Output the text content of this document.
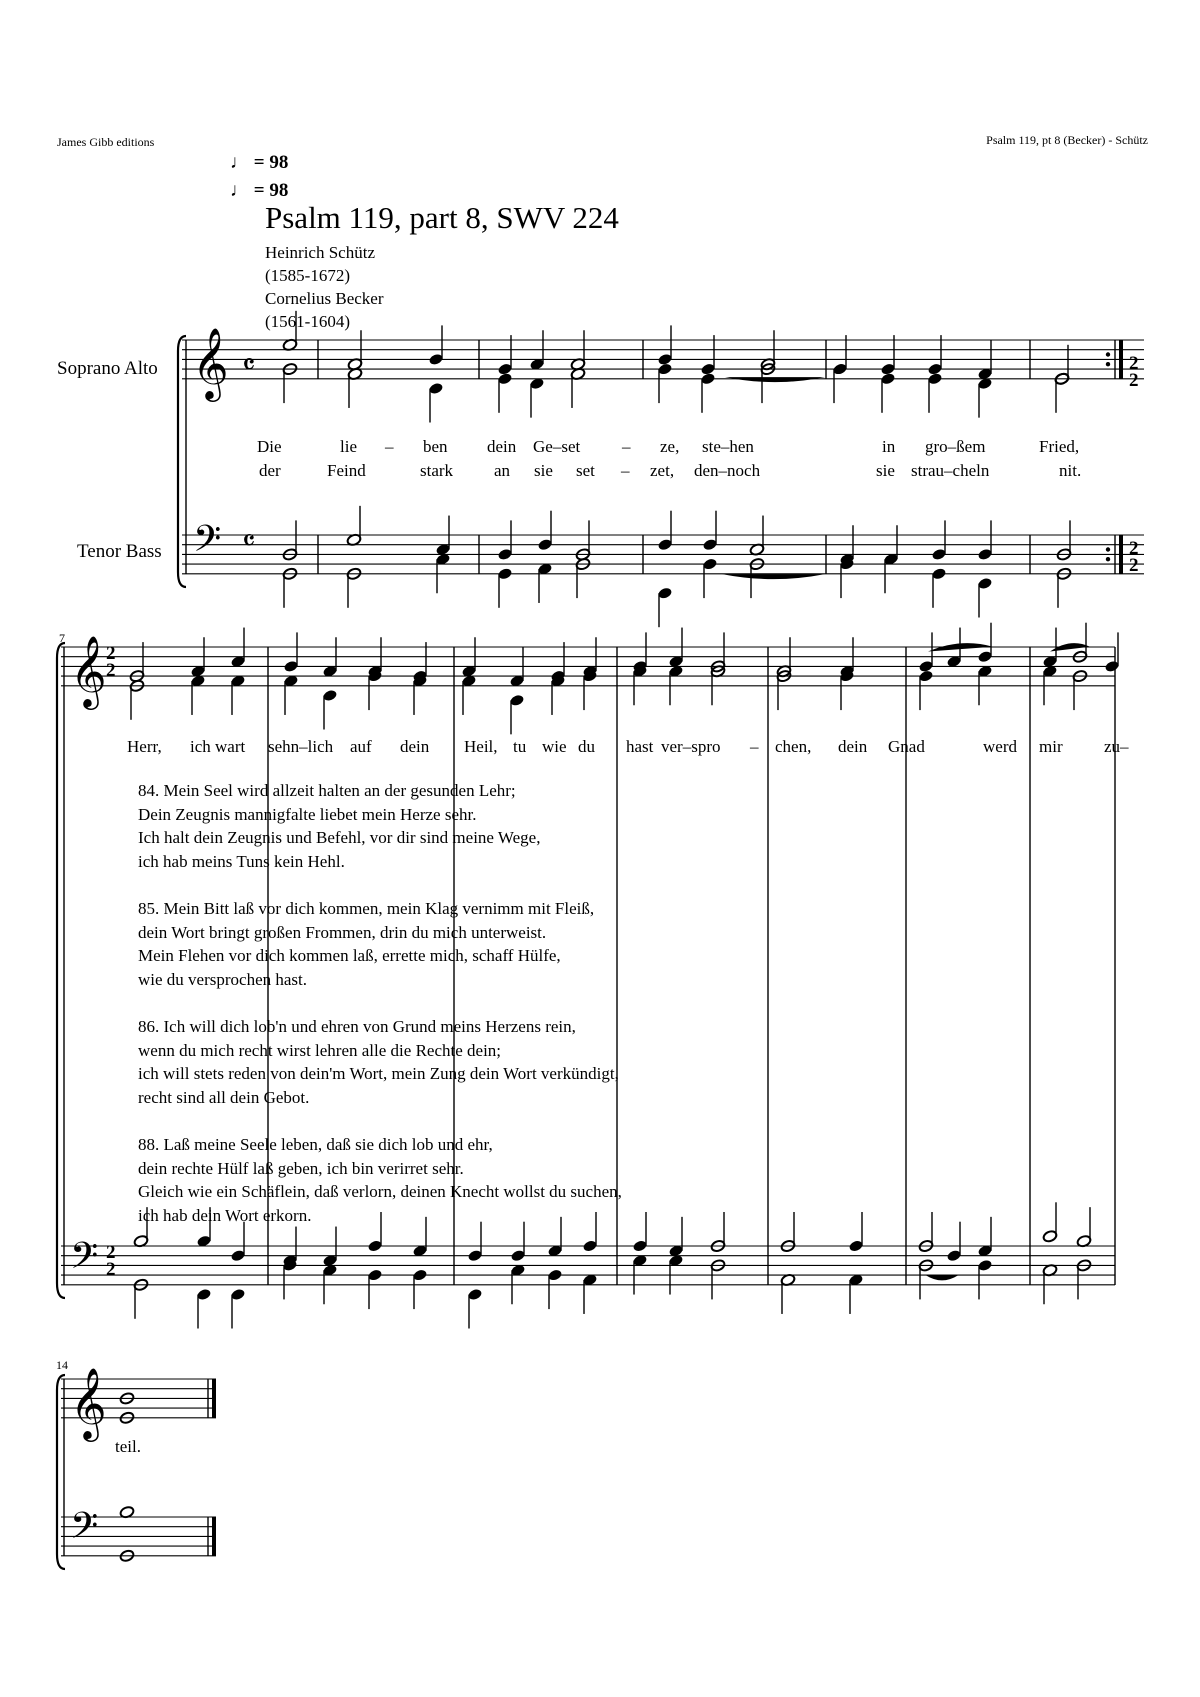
James Gibb editions	Psalm 119, pt 8 (Becker) - Schütz
♩ = 98
♩ = 98
Psalm 119, part 8, SWV 224
Heinrich Schütz
(1585-1672)
Cornelius Becker
(1561-1604)
Soprano Alto
Tenor Bass
7
14
𝄞
𝄢
𝄴
𝄴
𝄞
𝄢
𝄞
𝄢
2
2
2
2
2
2
2
2
Die	lie – ben dein Ge–set – ze, ste–hen	in gro–ßem	Fried,
der	Feind	stark an sie set – zet, den–noch	sie strau–cheln	nit.
Herr, ich wart sehn–lich auf dein Heil, tu wie du hast ver–spro – chen, dein Gnad	werd mir zu–
teil.
84. Mein Seel wird allzeit halten an der gesunden Lehr;
Dein Zeugnis mannigfalte liebet mein Herze sehr.
Ich halt dein Zeugnis und Befehl, vor dir sind meine Wege,
ich hab meins Tuns kein Hehl.
85. Mein Bitt laß vor dich kommen, mein Klag vernimm mit Fleiß,
dein Wort bringt großen Frommen, drin du mich unterweist.
Mein Flehen vor dich kommen laß, errette mich, schaff Hülfe,
wie du versprochen hast.
86. Ich will dich lob'n und ehren von Grund meins Herzens rein,
wenn du mich recht wirst lehren alle die Rechte dein;
ich will stets reden von dein'm Wort, mein Zung dein Wort verkündigt,
recht sind all dein Gebot.
88. Laß meine Seele leben, daß sie dich lob und ehr,
dein rechte Hülf laß geben, ich bin verirret sehr.
Gleich wie ein Schäflein, daß verlorn, deinen Knecht wollst du suchen,
ich hab dein Wort erkorn.
